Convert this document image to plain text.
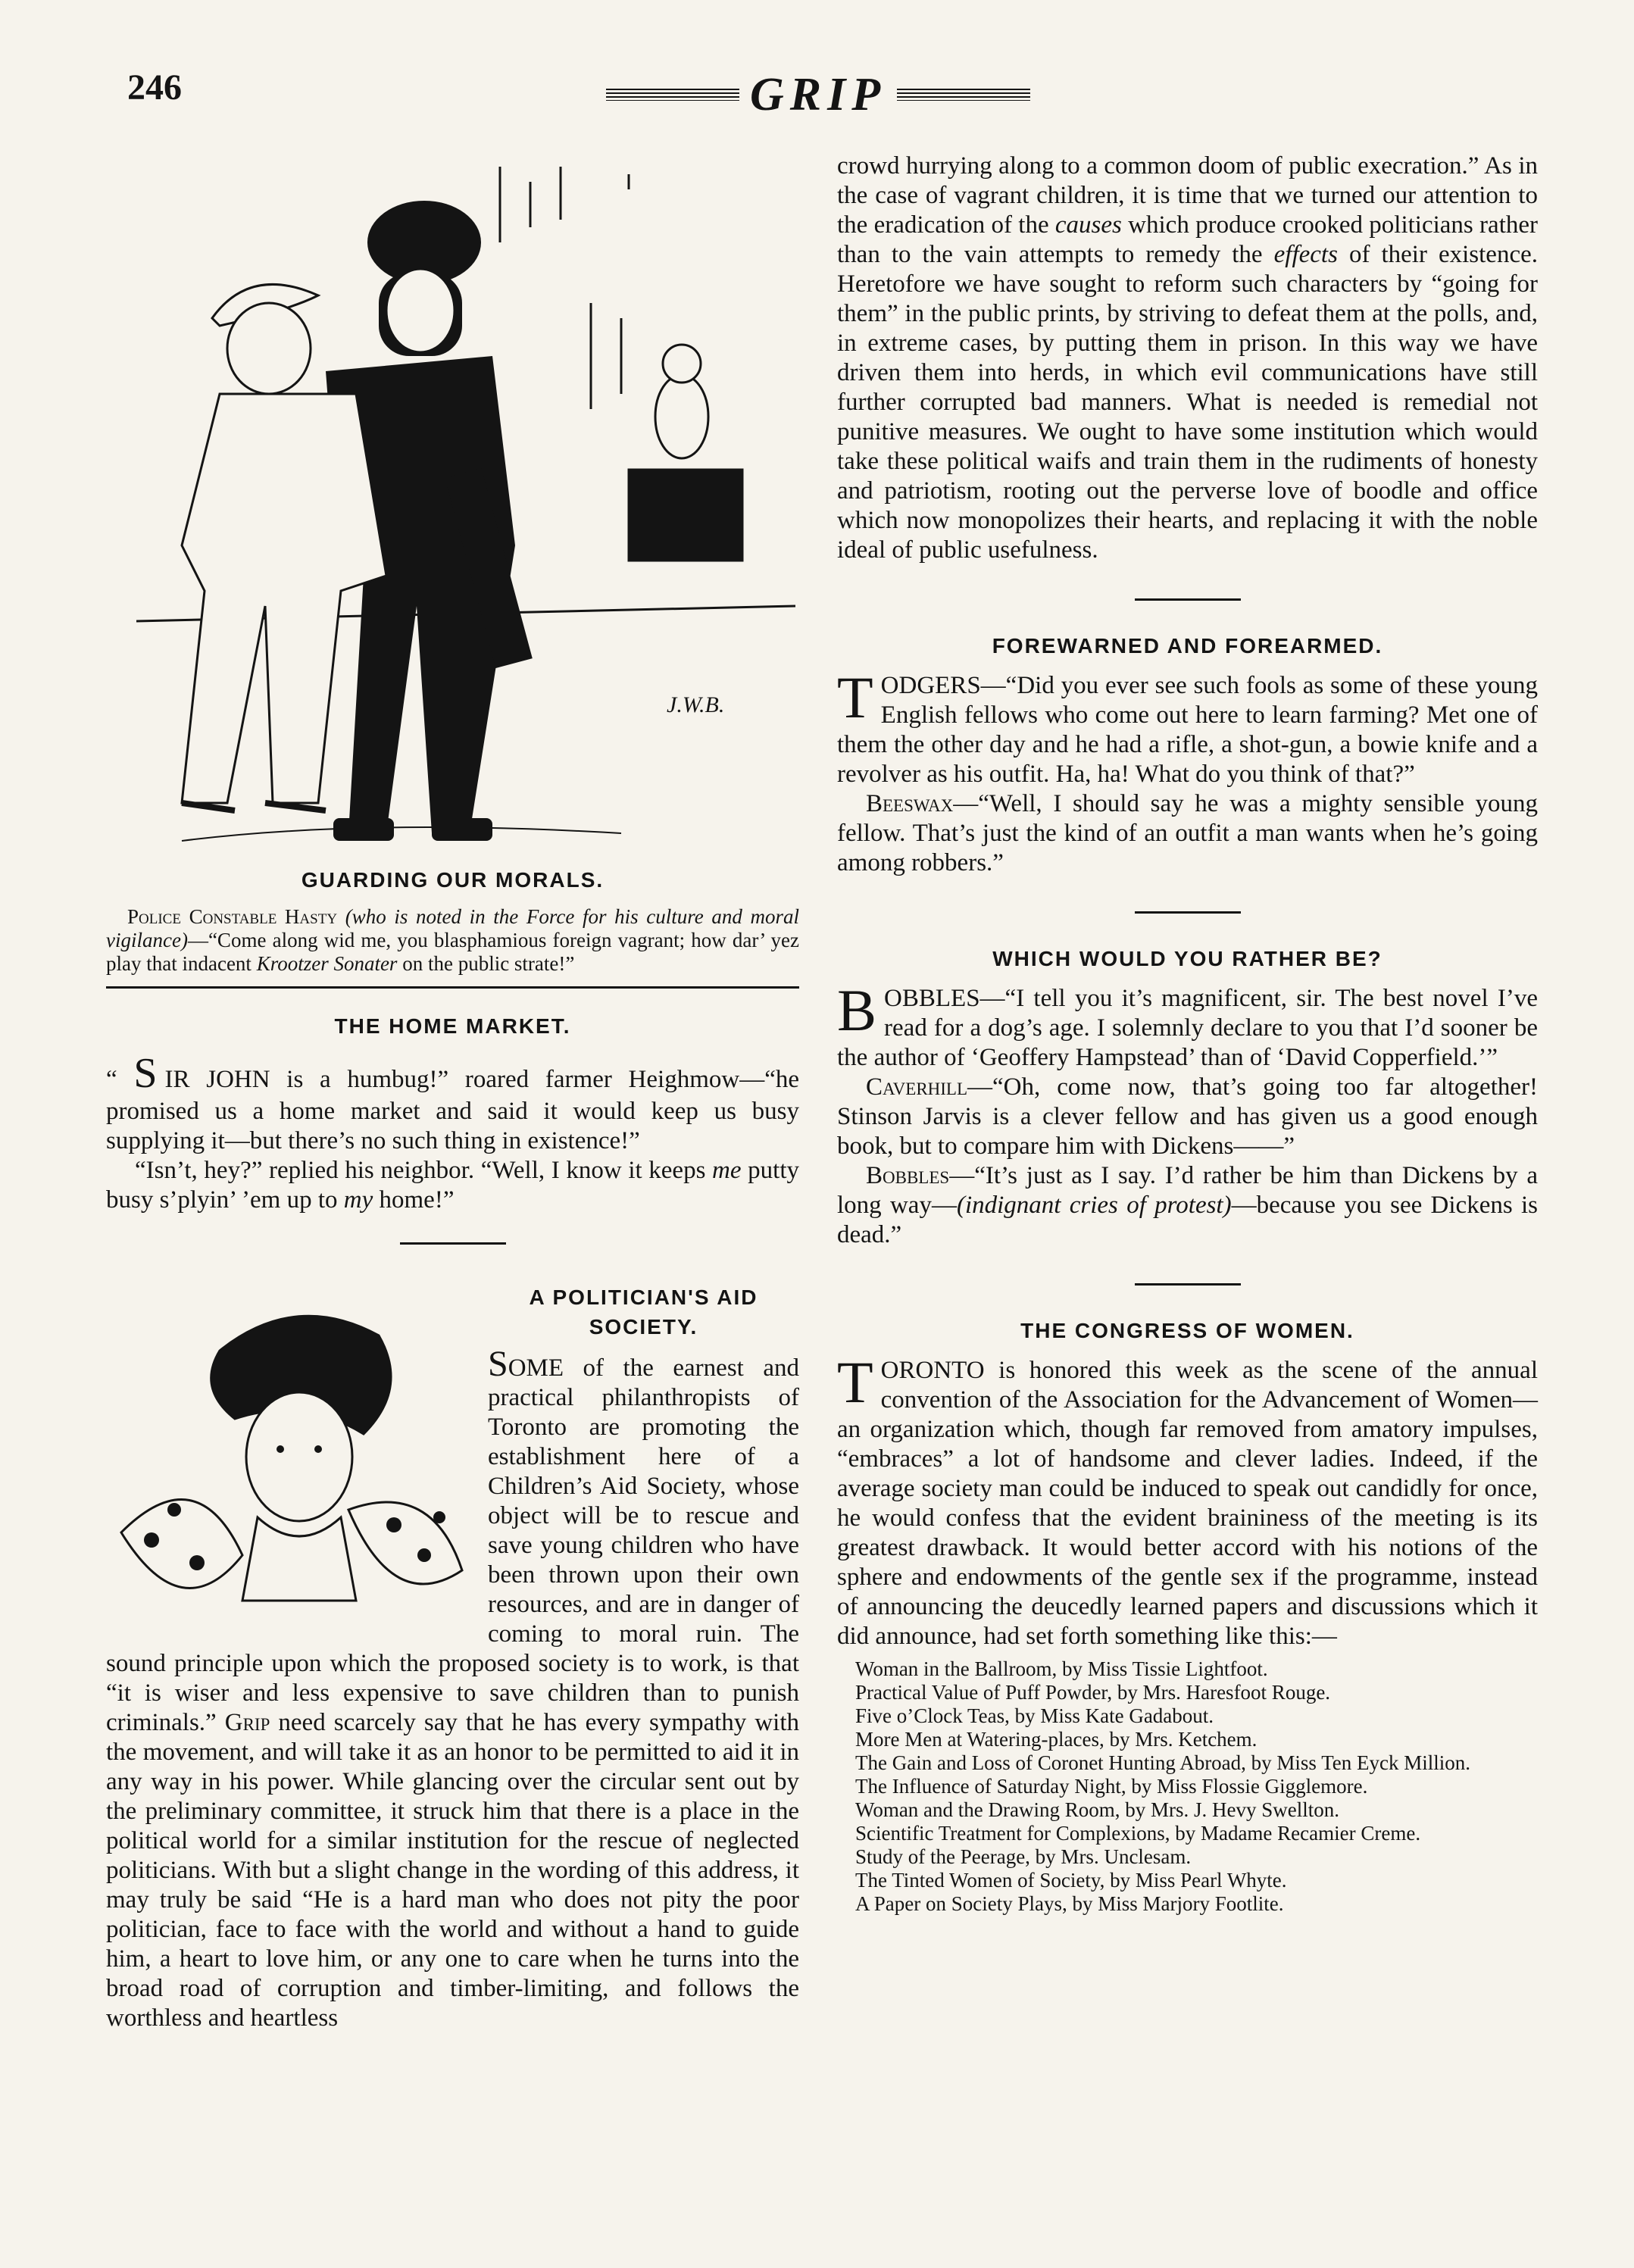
246	GRIP
J.W.B.

GUARDING OUR MORALS.

Police Constable Hasty (who is noted in the Force for his culture and moral vigilance)—“Come along wid me, you blasphamious foreign vagrant; how dar’ yez play that indacent Krootzer Sonater on the public strate!”

THE HOME MARKET.

“ S IR JOHN is a humbug!” roared farmer Heighmow—“he promised us a home market and said it would keep us busy supplying it—but there’s no such thing in existence!”

“Isn’t, hey?” replied his neighbor. “Well, I know it keeps me putty busy s’plyin’ ’em up to my home!”

A POLITICIAN'S AID SOCIETY.

SOME of the earnest and practical philanthropists of Toronto are promoting the establishment here of a Children’s Aid Society, whose object will be to rescue and save young children who have been thrown upon their own resources, and are in danger of coming to moral ruin. The sound principle upon which the proposed society is to work, is that “it is wiser and less expensive to save children than to punish criminals.” Grip need scarcely say that he has every sympathy with the movement, and will take it as an honor to be permitted to aid it in any way in his power. While glancing over the circular sent out by the preliminary committee, it struck him that there is a place in the political world for a similar institution for the rescue of neglected politicians. With but a slight change in the wording of this address, it may truly be said “He is a hard man who does not pity the poor politician, face to face with the world and without a hand to guide him, a heart to love him, or any one to care when he turns into the broad road of corruption and timber-limiting, and follows the worthless and heartless

crowd hurrying along to a common doom of public execration.” As in the case of vagrant children, it is time that we turned our attention to the eradication of the causes which produce crooked politicians rather than to the vain attempts to remedy the effects of their existence. Heretofore we have sought to reform such characters by “going for them” in the public prints, by striving to defeat them at the polls, and, in extreme cases, by putting them in prison. In this way we have driven them into herds, in which evil communications have still further corrupted bad manners. What is needed is remedial not punitive measures. We ought to have some institution which would take these political waifs and train them in the rudiments of honesty and patriotism, rooting out the perverse love of boodle and office which now monopolizes their hearts, and replacing it with the noble ideal of public usefulness.

FOREWARNED AND FOREARMED.

TODGERS—“Did you ever see such fools as some of these young English fellows who come out here to learn farming? Met one of them the other day and he had a rifle, a shot-gun, a bowie knife and a revolver as his outfit. Ha, ha! What do you think of that?”

Beeswax—“Well, I should say he was a mighty sensible young fellow. That’s just the kind of an outfit a man wants when he’s going among robbers.”

WHICH WOULD YOU RATHER BE?

BOBBLES—“I tell you it’s magnificent, sir. The best novel I’ve read for a dog’s age. I solemnly declare to you that I’d sooner be the author of ‘Geoffery Hampstead’ than of ‘David Copperfield.’”

Caverhill—“Oh, come now, that’s going too far altogether! Stinson Jarvis is a clever fellow and has given us a good enough book, but to compare him with Dickens——”

Bobbles—“It’s just as I say. I’d rather be him than Dickens by a long way—(indignant cries of protest)—because you see Dickens is dead.”

THE CONGRESS OF WOMEN.

TORONTO is honored this week as the scene of the annual convention of the Association for the Advancement of Women—an organization which, though far removed from amatory impulses, “embraces” a lot of handsome and clever ladies. Indeed, if the average society man could be induced to speak out candidly for once, he would confess that the evident braininess of the meeting is its greatest drawback. It would better accord with his notions of the sphere and endowments of the gentle sex if the programme, instead of announcing the deucedly learned papers and discussions which it did announce, had set forth something like this:—

Woman in the Ballroom, by Miss Tissie Lightfoot.
Practical Value of Puff Powder, by Mrs. Haresfoot Rouge.
Five o’Clock Teas, by Miss Kate Gadabout.
More Men at Watering-places, by Mrs. Ketchem.
The Gain and Loss of Coronet Hunting Abroad, by Miss Ten Eyck Million.
The Influence of Saturday Night, by Miss Flossie Gigglemore.
Woman and the Drawing Room, by Mrs. J. Hevy Swellton.
Scientific Treatment for Complexions, by Madame Recamier Creme.
Study of the Peerage, by Mrs. Unclesam.
The Tinted Women of Society, by Miss Pearl Whyte.
A Paper on Society Plays, by Miss Marjory Footlite.
